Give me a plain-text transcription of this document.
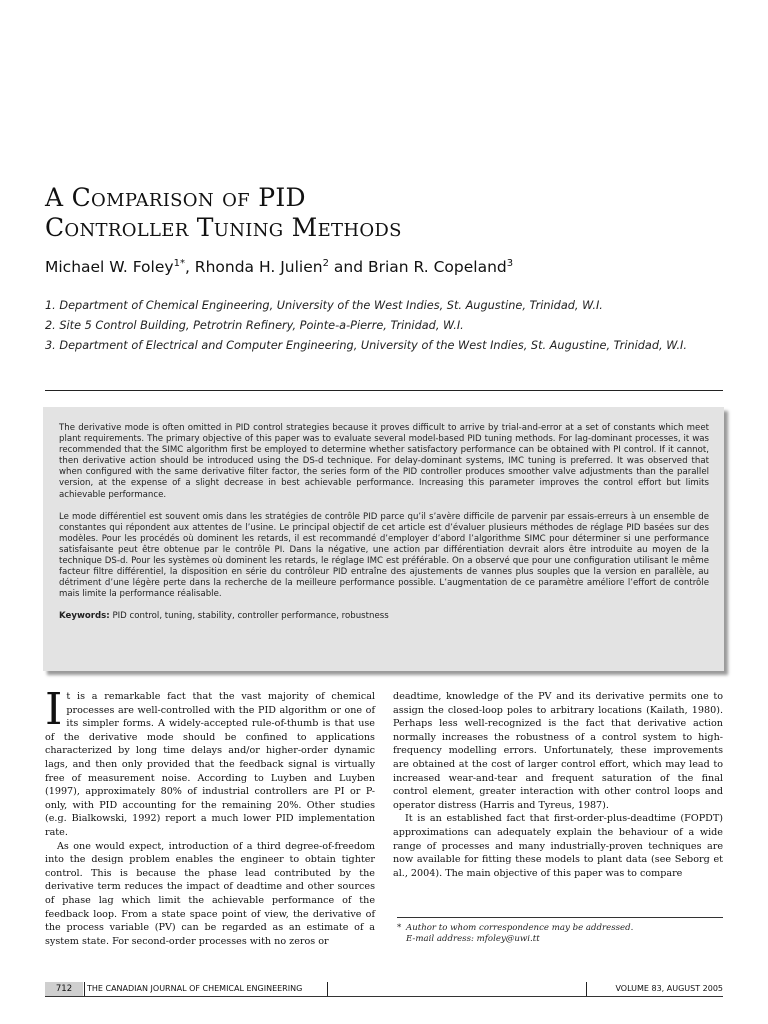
A Comparison of PID
Controller Tuning Methods
Michael W. Foley$^{1*}$, Rhonda H. Julien$^2$ and Brian R. Copeland$^3$
1. Department of Chemical Engineering, University of the West Indies, St. Augustine, Trinidad, W.I.
2. Site 5 Control Building, Petrotrin Refinery, Pointe-a-Pierre, Trinidad, W.I.
3. Department of Electrical and Computer Engineering, University of the West Indies, St. Augustine, Trinidad, W.I.

The derivative mode is often omitted in PID control strategies because it proves difficult to arrive by trial-and-error at a set of constants which meet plant requirements. The primary objective of this paper was to evaluate several model-based PID tuning methods. For lag-dominant processes, it was recommended that the SIMC algorithm first be employed to determine whether satisfactory performance can be obtained with PI control. If it cannot, then derivative action should be introduced using the DS-d technique. For delay-dominant systems, IMC tuning is preferred. It was observed that when configured with the same derivative filter factor, the series form of the PID controller produces smoother valve adjustments than the parallel version, at the expense of a slight decrease in best achievable performance. Increasing this parameter improves the control effort but limits achievable performance.

Le mode différentiel est souvent omis dans les stratégies de contrôle PID parce qu’il s’avère difficile de parvenir par essais-erreurs à un ensemble de constantes qui répondent aux attentes de l’usine. Le principal objectif de cet article est d’évaluer plusieurs méthodes de réglage PID basées sur des modèles. Pour les procédés où dominent les retards, il est recommandé d’employer d’abord l’algorithme SIMC pour déterminer si une performance satisfaisante peut être obtenue par le contrôle PI. Dans la négative, une action par différentiation devrait alors être introduite au moyen de la technique DS-d. Pour les systèmes où dominent les retards, le réglage IMC est préférable. On a observé que pour une configuration utilisant le même facteur filtre différentiel, la disposition en série du contrôleur PID entraîne des ajustements de vannes plus souples que la version en parallèle, au détriment d’une légère perte dans la recherche de la meilleure performance possible. L’augmentation de ce paramètre améliore l’effort de contrôle mais limite la performance réalisable.

Keywords: PID control, tuning, stability, controller performance, robustness

It is a remarkable fact that the vast majority of chemical processes are well-controlled with the PID algorithm or one of its simpler forms. A widely-accepted rule-of-thumb is that use of the derivative mode should be confined to applications characterized by long time delays and/or higher-order dynamic lags, and then only provided that the feedback signal is virtually free of measurement noise. According to Luyben and Luyben (1997), approximately 80% of industrial controllers are PI or P-only, with PID accounting for the remaining 20%. Other studies (e.g. Bialkowski, 1992) report a much lower PID implementation rate.

As one would expect, introduction of a third degree-of-freedom into the design problem enables the engineer to obtain tighter control. This is because the phase lead contributed by the derivative term reduces the impact of deadtime and other sources of phase lag which limit the achievable performance of the feedback loop. From a state space point of view, the derivative of the process variable (PV) can be regarded as an estimate of a system state. For second-order processes with no zeros or

deadtime, knowledge of the PV and its derivative permits one to assign the closed-loop poles to arbitrary locations (Kailath, 1980). Perhaps less well-recognized is the fact that derivative action normally increases the robustness of a control system to high-frequency modelling errors. Unfortunately, these improvements are obtained at the cost of larger control effort, which may lead to increased wear-and-tear and frequent saturation of the final control element, greater interaction with other control loops and operator distress (Harris and Tyreus, 1987).

It is an established fact that first-order-plus-deadtime (FOPDT) approximations can adequately explain the behaviour of a wide range of processes and many industrially-proven techniques are now available for fitting these models to plant data (see Seborg et al., 2004). The main objective of this paper was to compare

* Author to whom correspondence may be addressed.
E-mail address: mfoley@uwi.tt
712	THE CANADIAN JOURNAL OF CHEMICAL ENGINEERING	VOLUME 83, AUGUST 2005
